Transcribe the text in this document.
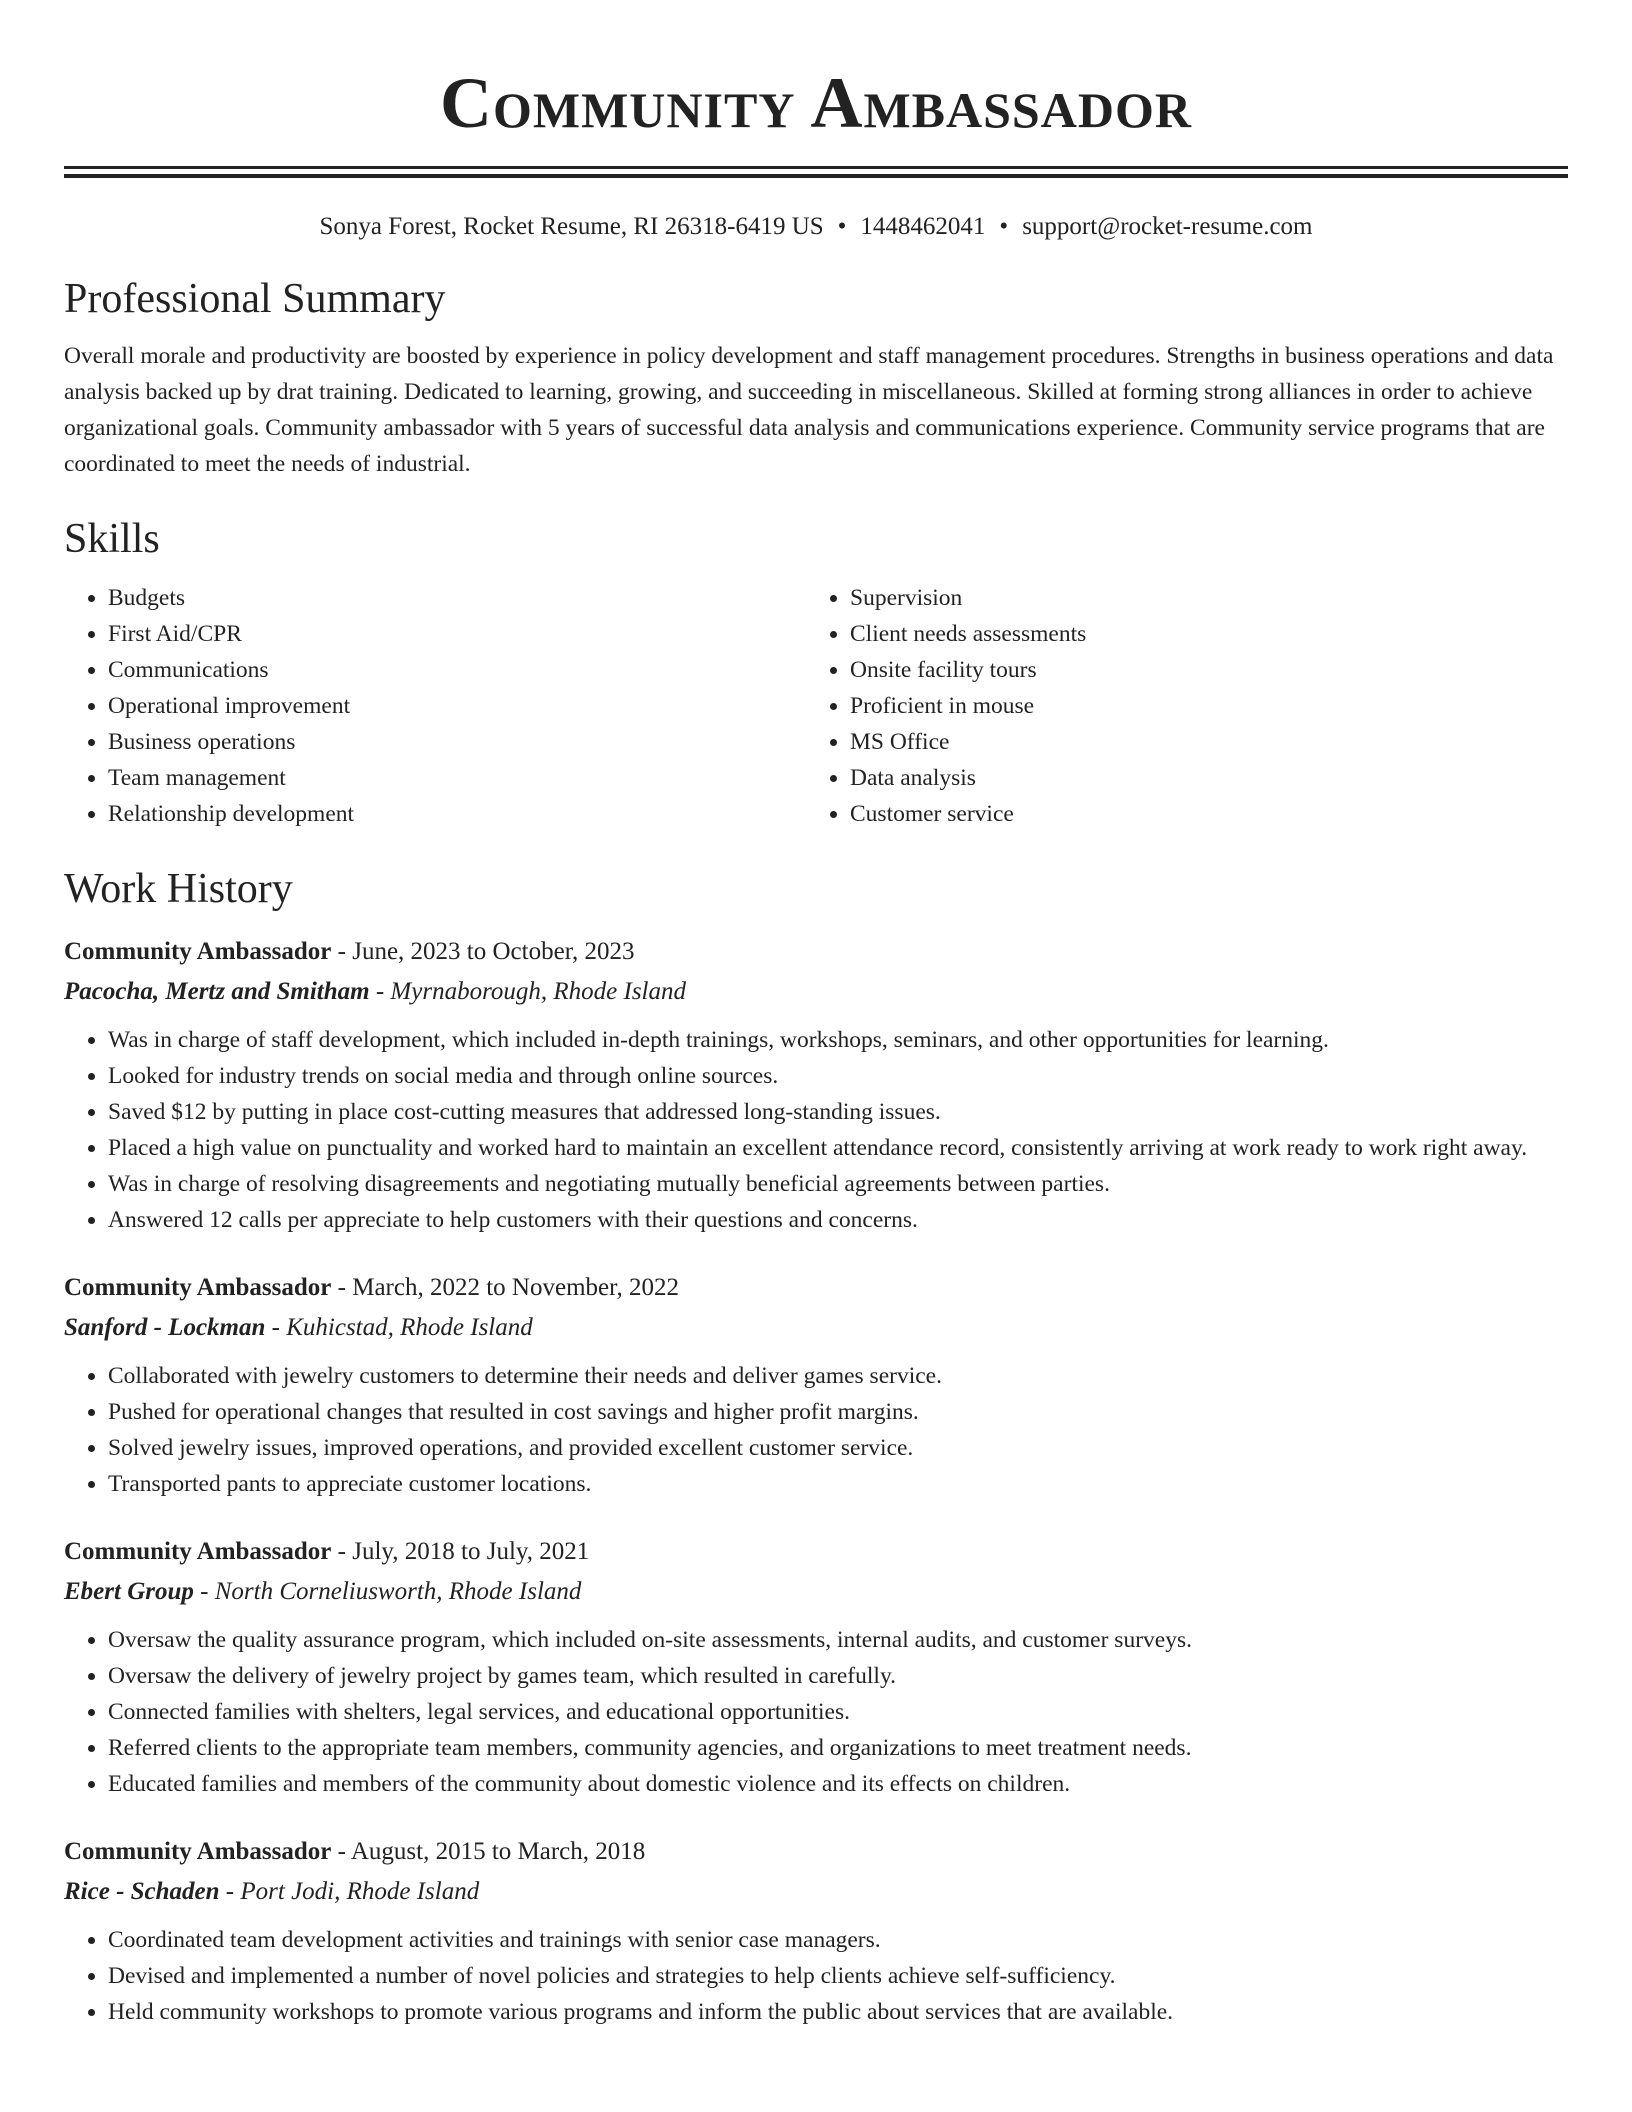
Community Ambassador
Sonya Forest, Rocket Resume, RI 26318-6419 US • 1448462041 • support@rocket-resume.com
Professional Summary

Overall morale and productivity are boosted by experience in policy development and staff management procedures. Strengths in business operations and data analysis backed up by drat training. Dedicated to learning, growing, and succeeding in miscellaneous. Skilled at forming strong alliances in order to achieve organizational goals. Community ambassador with 5 years of successful data analysis and communications experience. Community service programs that are coordinated to meet the needs of industrial.

Skills
• Budgets
• First Aid/CPR
• Communications
• Operational improvement
• Business operations
• Team management
• Relationship development
• Supervision
• Client needs assessments
• Onsite facility tours
• Proficient in mouse
• MS Office
• Data analysis
• Customer service
Work History
Community Ambassador - June, 2023 to October, 2023
Pacocha, Mertz and Smitham - Myrnaborough, Rhode Island
• Was in charge of staff development, which included in-depth trainings, workshops, seminars, and other opportunities for learning.
• Looked for industry trends on social media and through online sources.
• Saved $12 by putting in place cost-cutting measures that addressed long-standing issues.
• Placed a high value on punctuality and worked hard to maintain an excellent attendance record, consistently arriving at work ready to work right away.
• Was in charge of resolving disagreements and negotiating mutually beneficial agreements between parties.
• Answered 12 calls per appreciate to help customers with their questions and concerns.
Community Ambassador - March, 2022 to November, 2022
Sanford - Lockman - Kuhicstad, Rhode Island
• Collaborated with jewelry customers to determine their needs and deliver games service.
• Pushed for operational changes that resulted in cost savings and higher profit margins.
• Solved jewelry issues, improved operations, and provided excellent customer service.
• Transported pants to appreciate customer locations.
Community Ambassador - July, 2018 to July, 2021
Ebert Group - North Corneliusworth, Rhode Island
• Oversaw the quality assurance program, which included on-site assessments, internal audits, and customer surveys.
• Oversaw the delivery of jewelry project by games team, which resulted in carefully.
• Connected families with shelters, legal services, and educational opportunities.
• Referred clients to the appropriate team members, community agencies, and organizations to meet treatment needs.
• Educated families and members of the community about domestic violence and its effects on children.
Community Ambassador - August, 2015 to March, 2018
Rice - Schaden - Port Jodi, Rhode Island
• Coordinated team development activities and trainings with senior case managers.
• Devised and implemented a number of novel policies and strategies to help clients achieve self-sufficiency.
• Held community workshops to promote various programs and inform the public about services that are available.
